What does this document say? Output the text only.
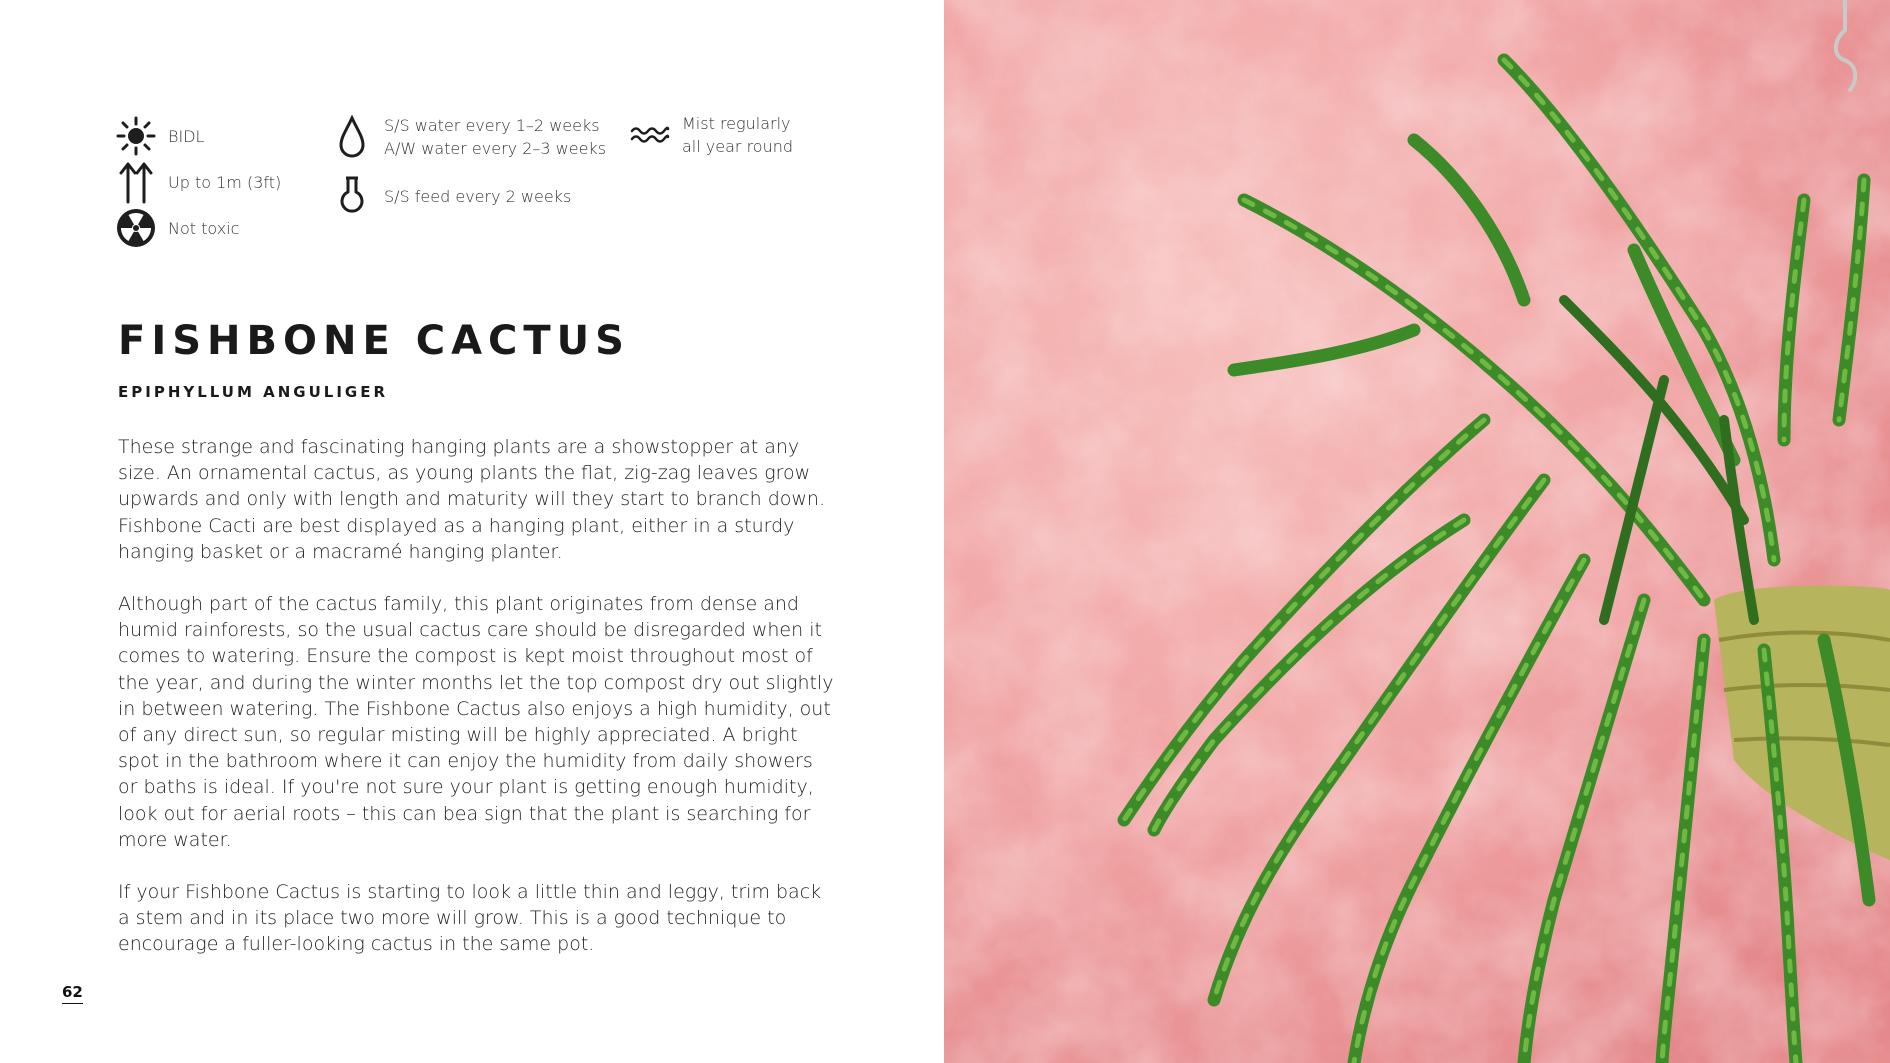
BIDL
Up to 1m (3ft)
Not toxic
S/S water every 1–2 weeks
A/W water every 2–3 weeks
S/S feed every 2 weeks
Mist regularly
all year round
FISHBONE CACTUS
EPIPHYLLUM ANGULIGER

These strange and fascinating hanging plants are a showstopper at any size. An ornamental cactus, as young plants the flat, zig-zag leaves grow upwards and only with length and maturity will they start to branch down. Fishbone Cacti are best displayed as a hanging plant, either in a sturdy hanging basket or a macramé hanging planter.

Although part of the cactus family, this plant originates from dense and humid rainforests, so the usual cactus care should be disregarded when it comes to watering. Ensure the compost is kept moist throughout most of the year, and during the winter months let the top compost dry out slightly in between watering. The Fishbone Cactus also enjoys a high humidity, out of any direct sun, so regular misting will be highly appreciated. A bright spot in the bathroom where it can enjoy the humidity from daily showers or baths is ideal. If you're not sure your plant is getting enough humidity, look out for aerial roots – this can bea sign that the plant is searching for more water.

If your Fishbone Cactus is starting to look a little thin and leggy, trim back a stem and in its place two more will grow. This is a good technique to encourage a fuller-looking cactus in the same pot.

62
